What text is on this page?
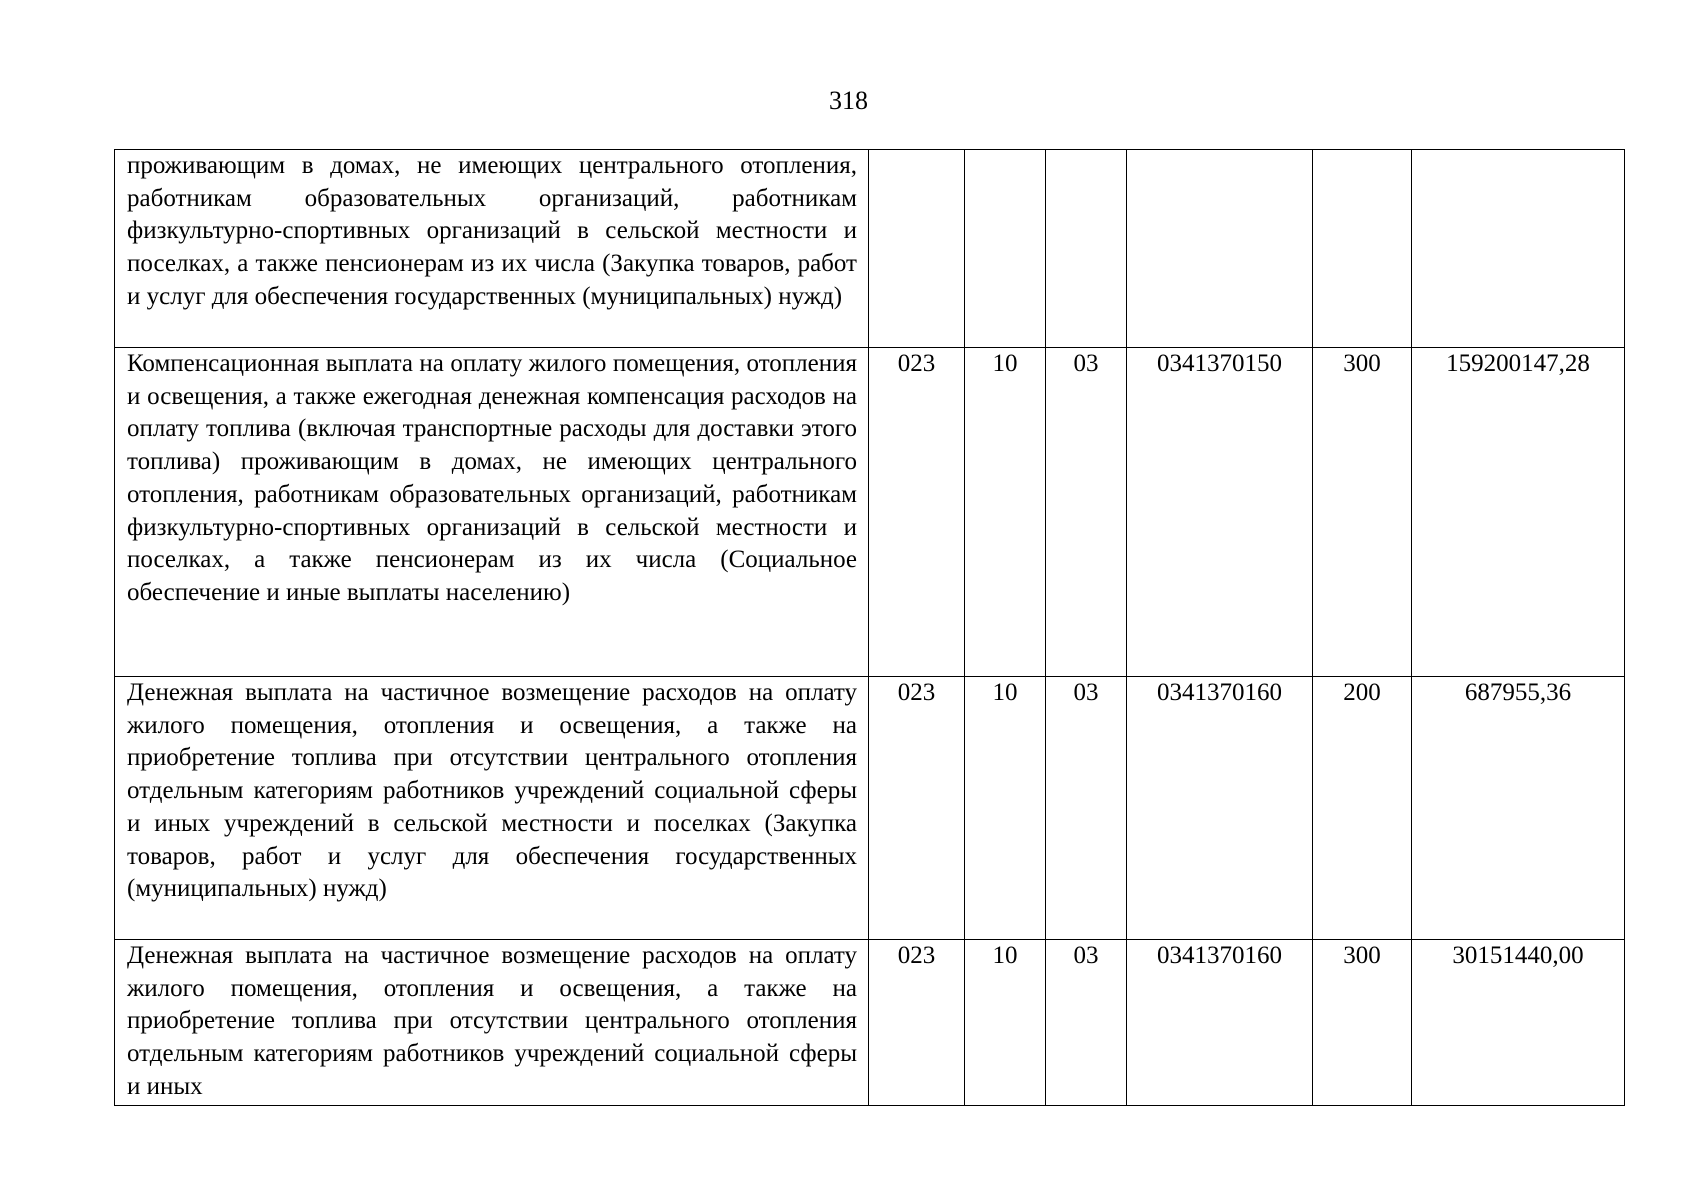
318
проживающим в домах, не имеющих центрального отопления, работникам образовательных организаций, работникам физкультурно-спортивных организаций в сельской местности и поселках, а также пенсионерам из их числа (Закупка товаров, работ и услуг для обеспечения государственных (муниципальных) нужд)						
Компенсационная выплата на оплату жилого помещения, отопления и освещения, а также ежегодная денежная компенсация расходов на оплату топлива (включая транспортные расходы для доставки этого топлива) проживающим в домах, не имеющих центрального отопления, работникам образовательных организаций, работникам физкультурно-спортивных организаций в сельской местности и поселках, а также пенсионерам из их числа (Социальное обеспечение и иные выплаты населению)	023	10	03	0341370150	300	159200147,28
Денежная выплата на частичное возмещение расходов на оплату жилого помещения, отопления и освещения, а также на приобретение топлива при отсутствии центрального отопления отдельным категориям работников учреждений социальной сферы и иных учреждений в сельской местности и поселках (Закупка товаров, работ и услуг для обеспечения государственных (муниципальных) нужд)	023	10	03	0341370160	200	687955,36
Денежная выплата на частичное возмещение расходов на оплату жилого помещения, отопления и освещения, а также на приобретение топлива при отсутствии центрального отопления отдельным категориям работников учреждений социальной сферы и иных	023	10	03	0341370160	300	30151440,00
